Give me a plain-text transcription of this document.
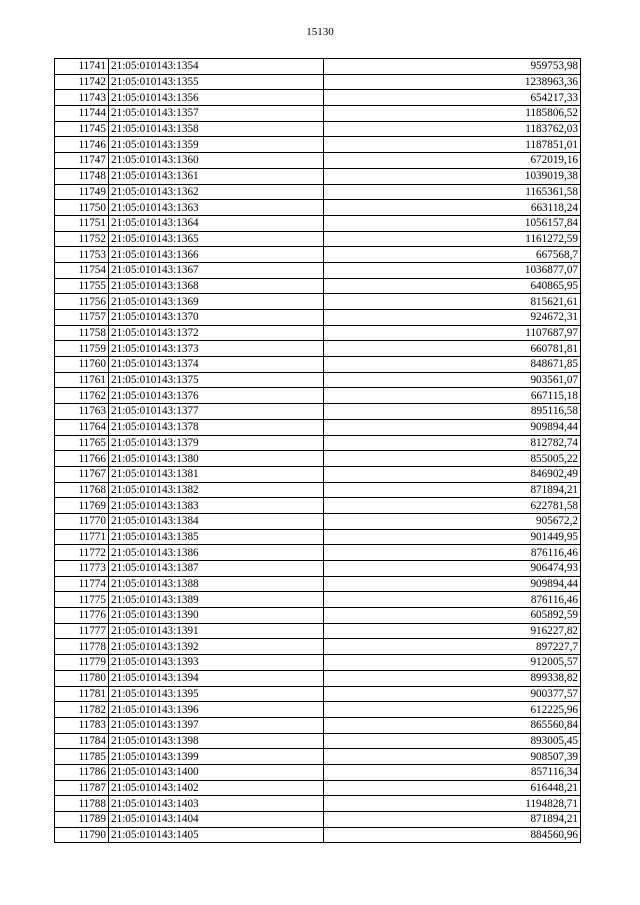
15130
11741	21:05:010143:1354	959753,98
11742	21:05:010143:1355	1238963,36
11743	21:05:010143:1356	654217,33
11744	21:05:010143:1357	1185806,52
11745	21:05:010143:1358	1183762,03
11746	21:05:010143:1359	1187851,01
11747	21:05:010143:1360	672019,16
11748	21:05:010143:1361	1039019,38
11749	21:05:010143:1362	1165361,58
11750	21:05:010143:1363	663118,24
11751	21:05:010143:1364	1056157,84
11752	21:05:010143:1365	1161272,59
11753	21:05:010143:1366	667568,7
11754	21:05:010143:1367	1036877,07
11755	21:05:010143:1368	640865,95
11756	21:05:010143:1369	815621,61
11757	21:05:010143:1370	924672,31
11758	21:05:010143:1372	1107687,97
11759	21:05:010143:1373	660781,81
11760	21:05:010143:1374	848671,85
11761	21:05:010143:1375	903561,07
11762	21:05:010143:1376	667115,18
11763	21:05:010143:1377	895116,58
11764	21:05:010143:1378	909894,44
11765	21:05:010143:1379	812782,74
11766	21:05:010143:1380	855005,22
11767	21:05:010143:1381	846902,49
11768	21:05:010143:1382	871894,21
11769	21:05:010143:1383	622781,58
11770	21:05:010143:1384	905672,2
11771	21:05:010143:1385	901449,95
11772	21:05:010143:1386	876116,46
11773	21:05:010143:1387	906474,93
11774	21:05:010143:1388	909894,44
11775	21:05:010143:1389	876116,46
11776	21:05:010143:1390	605892,59
11777	21:05:010143:1391	916227,82
11778	21:05:010143:1392	897227,7
11779	21:05:010143:1393	912005,57
11780	21:05:010143:1394	899338,82
11781	21:05:010143:1395	900377,57
11782	21:05:010143:1396	612225,96
11783	21:05:010143:1397	865560,84
11784	21:05:010143:1398	893005,45
11785	21:05:010143:1399	908507,39
11786	21:05:010143:1400	857116,34
11787	21:05:010143:1402	616448,21
11788	21:05:010143:1403	1194828,71
11789	21:05:010143:1404	871894,21
11790	21:05:010143:1405	884560,96
